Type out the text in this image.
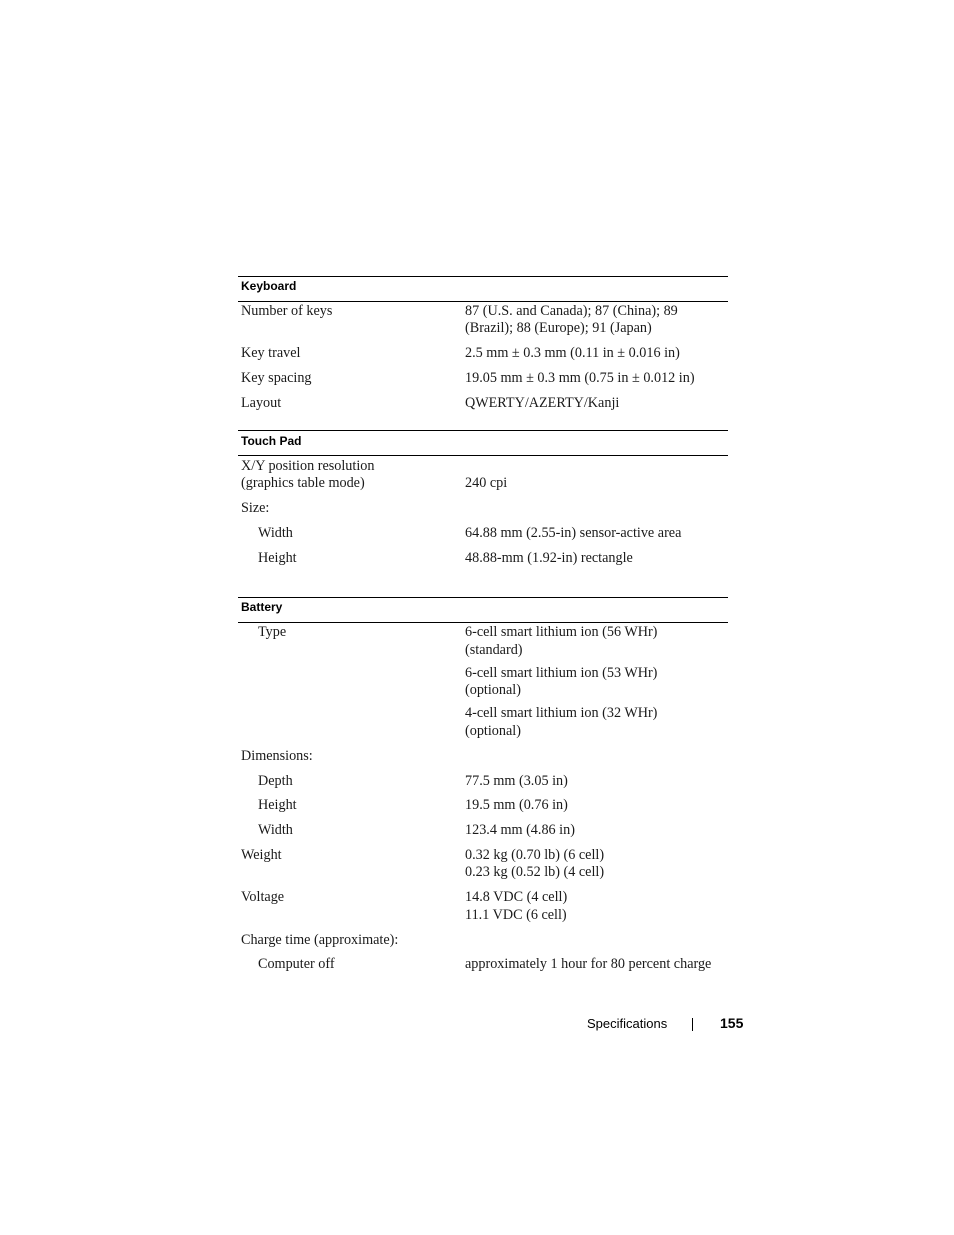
Keyboard
Number of keys	87 (U.S. and Canada); 87 (China); 89
(Brazil); 88 (Europe); 91 (Japan)
Key travel	2.5 mm ± 0.3 mm (0.11 in ± 0.016 in)
Key spacing	19.05 mm ± 0.3 mm (0.75 in ± 0.012 in)
Layout	QWERTY/AZERTY/Kanji
Touch Pad
X/Y position resolution
(graphics table mode)	240 cpi
Size:
Width	64.88 mm (2.55-in) sensor-active area
Height	48.88-mm (1.92-in) rectangle
Battery
Type	6-cell smart lithium ion (56 WHr)
(standard)
6-cell smart lithium ion (53 WHr)
(optional)
4-cell smart lithium ion (32 WHr)
(optional)
Dimensions:
Depth	77.5 mm (3.05 in)
Height	19.5 mm (0.76 in)
Width	123.4 mm (4.86 in)
Weight	0.32 kg (0.70 lb) (6 cell)
0.23 kg (0.52 lb) (4 cell)
Voltage	14.8 VDC (4 cell)
11.1 VDC (6 cell)
Charge time (approximate):
Computer off	approximately 1 hour for 80 percent charge
Specifications	155
